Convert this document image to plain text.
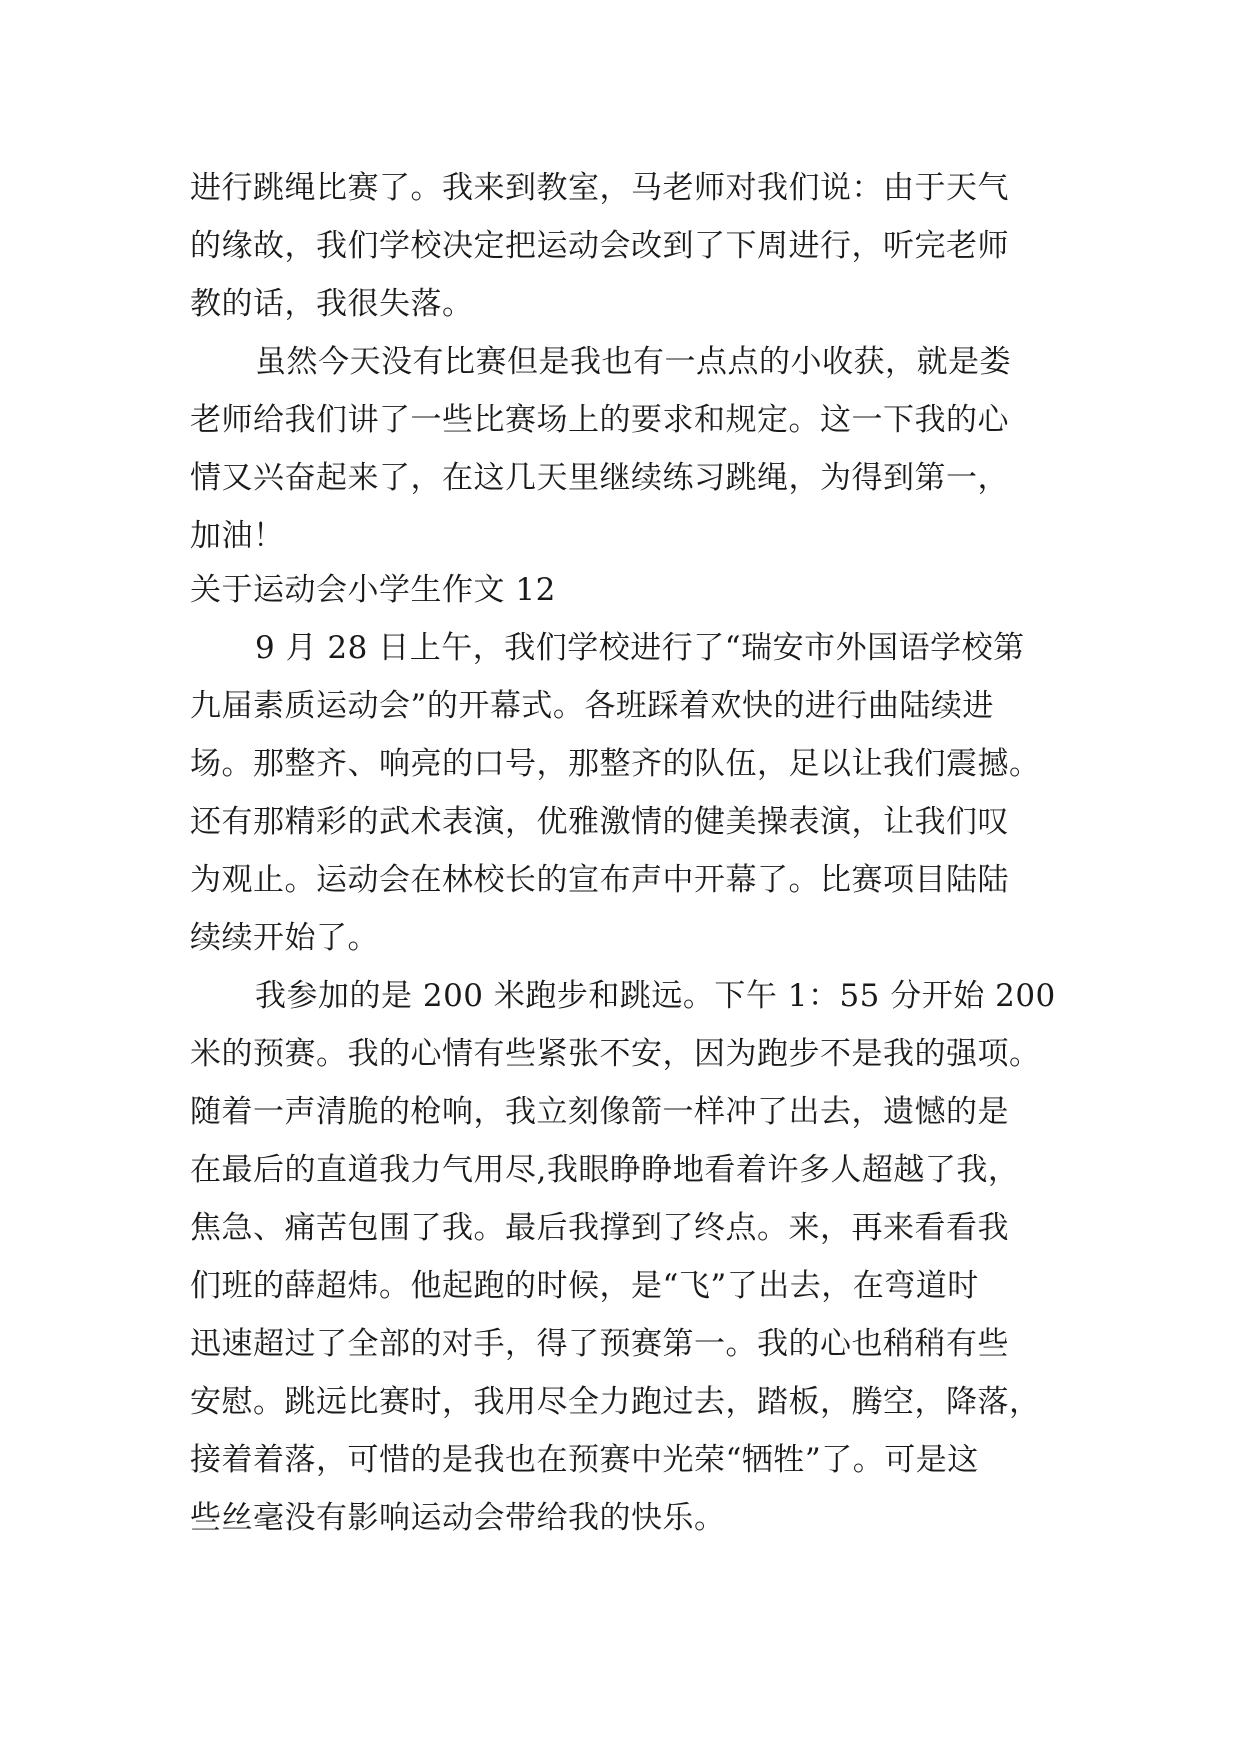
进行跳绳比赛了。我来到教室，马老师对我们说：由于天气
的缘故，我们学校决定把运动会改到了下周进行，听完老师
教的话，我很失落。
虽然今天没有比赛但是我也有一点点的小收获，就是娄
老师给我们讲了一些比赛场上的要求和规定。这一下我的心
情又兴奋起来了，在这几天里继续练习跳绳，为得到第一，
加油！
关于运动会小学生作文 12
9 月 28 日上午，我们学校进行了“瑞安市外国语学校第
九届素质运动会”的开幕式。各班踩着欢快的进行曲陆续进
场。那整齐、响亮的口号，那整齐的队伍，足以让我们震撼。
还有那精彩的武术表演，优雅激情的健美操表演，让我们叹
为观止。运动会在林校长的宣布声中开幕了。比赛项目陆陆
续续开始了。
我参加的是 200 米跑步和跳远。下午 1：55 分开始 200
米的预赛。我的心情有些紧张不安，因为跑步不是我的强项。
随着一声清脆的枪响，我立刻像箭一样冲了出去，遗憾的是
在最后的直道我力气用尽,我眼睁睁地看着许多人超越了我，
焦急、痛苦包围了我。最后我撑到了终点。来，再来看看我
们班的薛超炜。他起跑的时候，是“飞”了出去，在弯道时
迅速超过了全部的对手，得了预赛第一。我的心也稍稍有些
安慰。跳远比赛时，我用尽全力跑过去，踏板，腾空，降落，
接着着落，可惜的是我也在预赛中光荣“牺牲”了。可是这
些丝毫没有影响运动会带给我的快乐。
